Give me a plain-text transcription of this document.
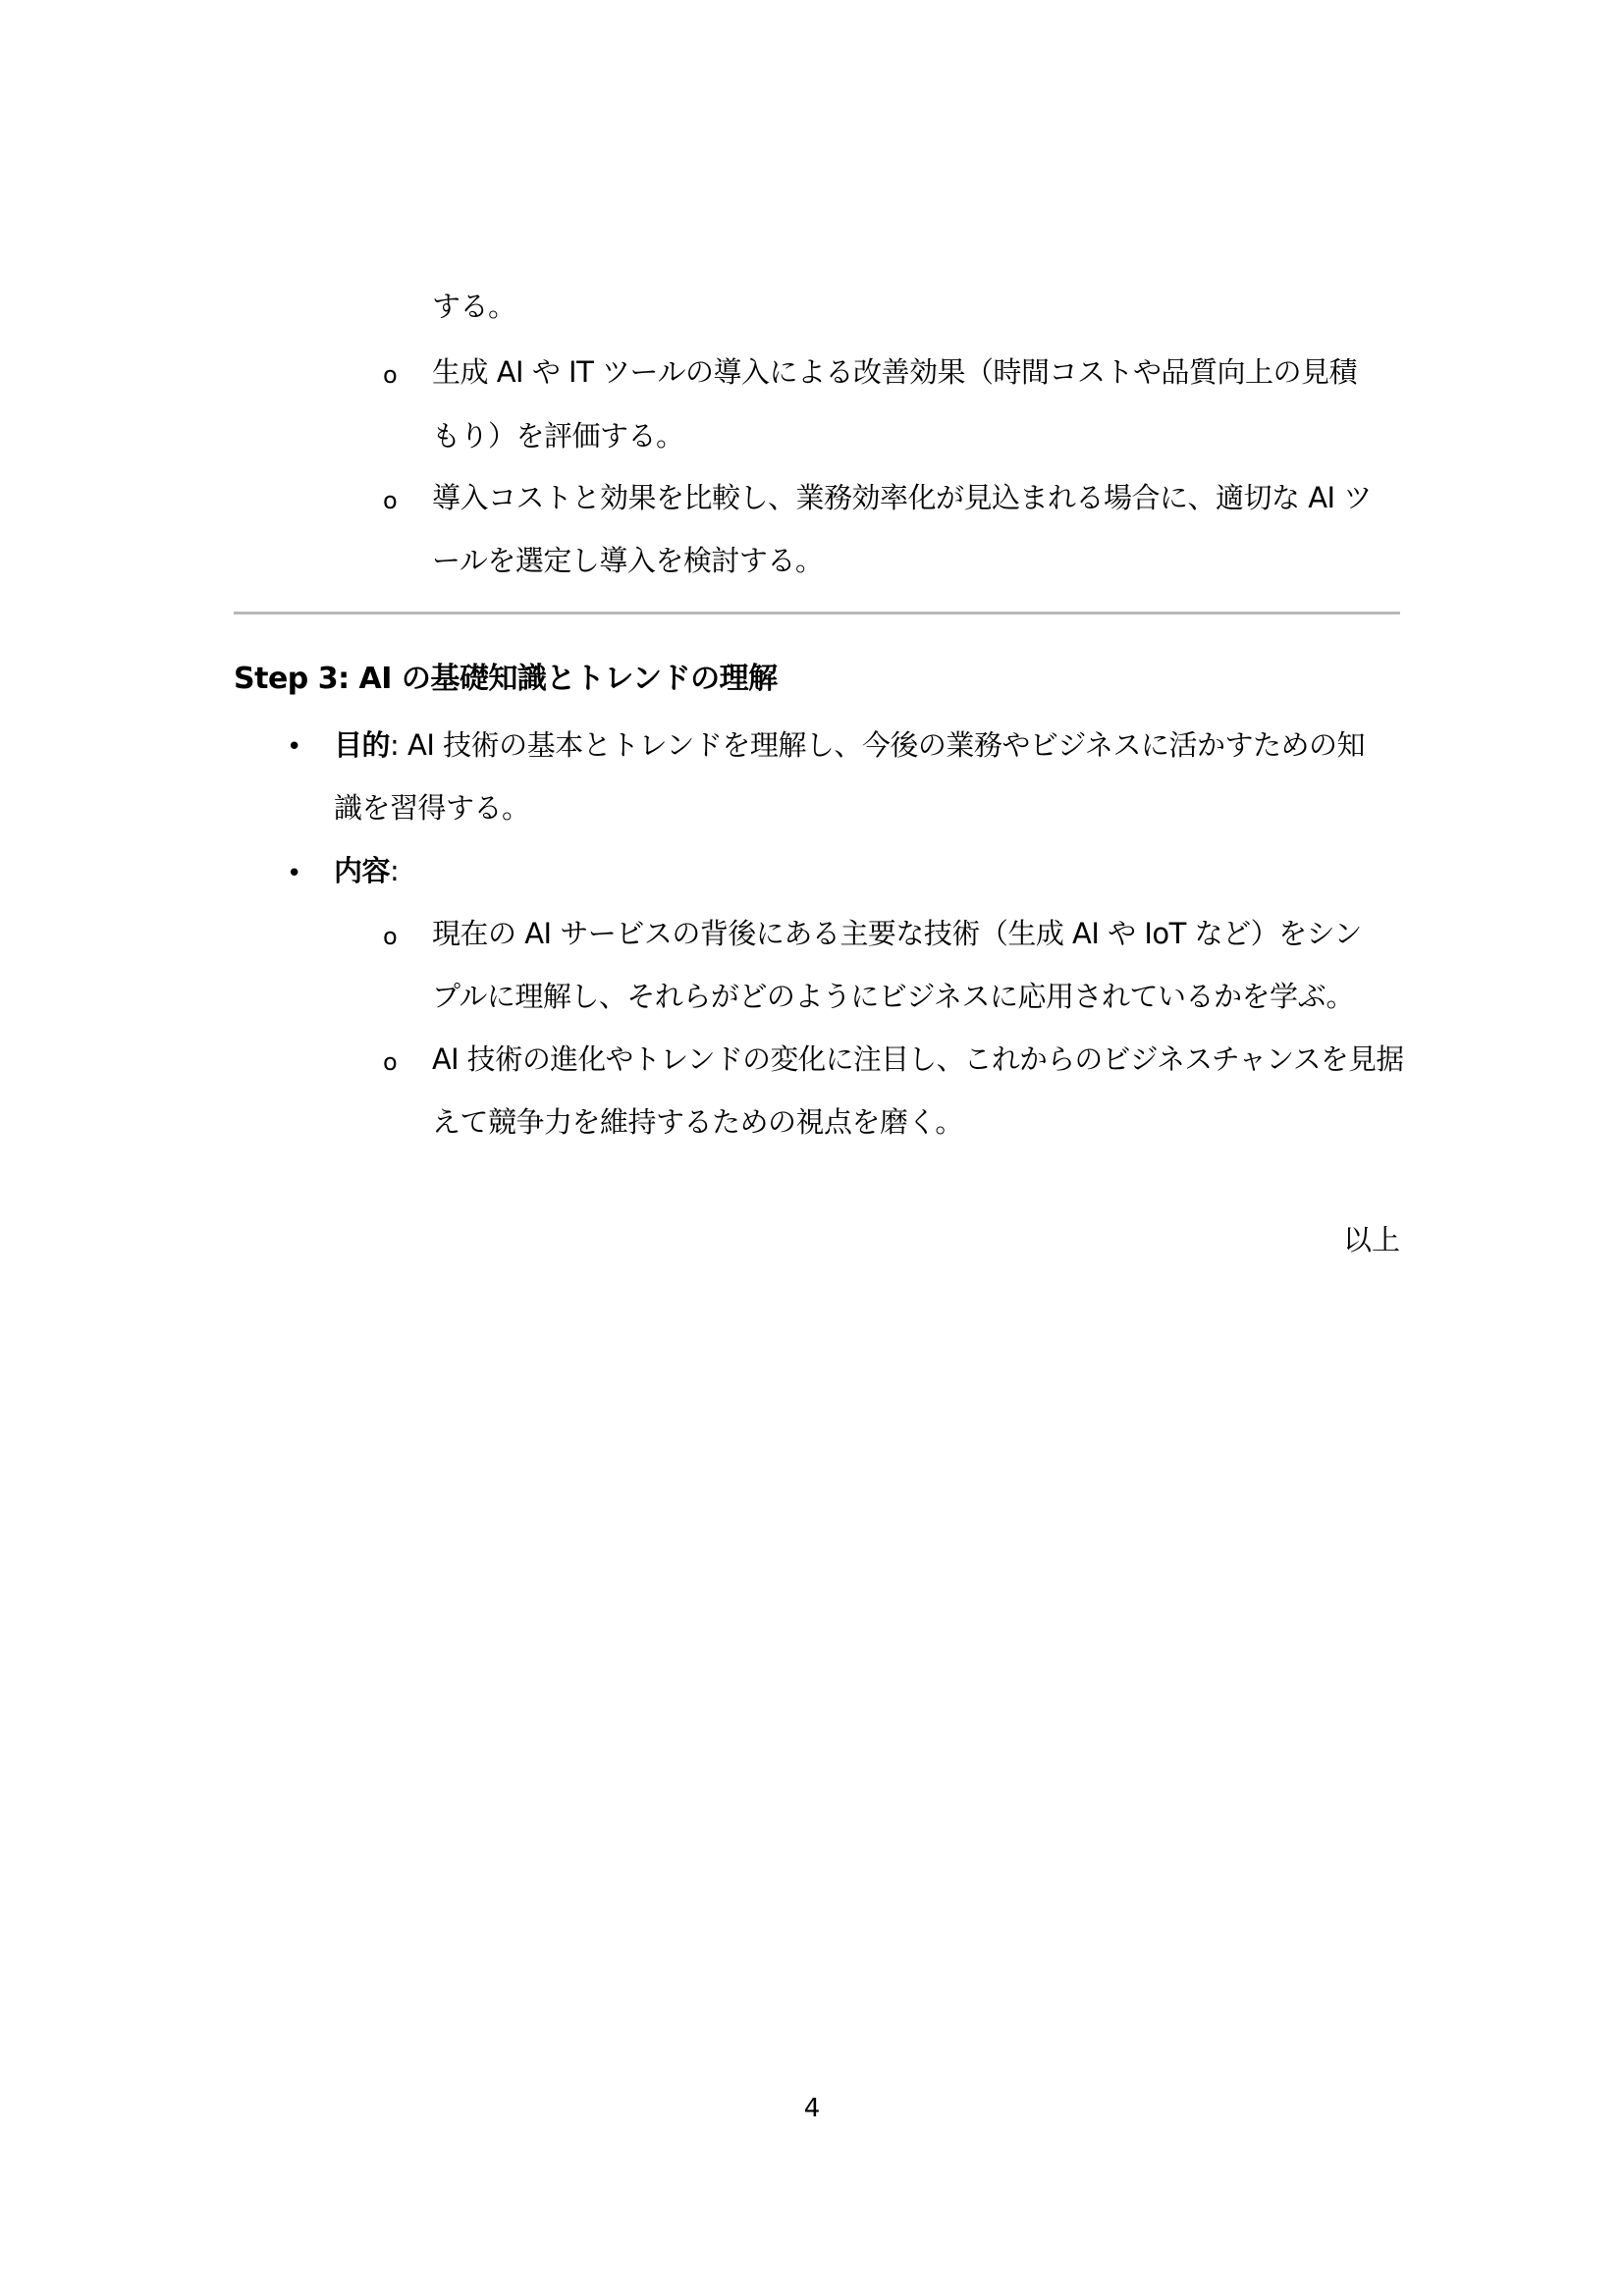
する。
o 生成 AI や IT ツールの導入による改善効果（時間コストや品質向上の見積
もり）を評価する。
o 導入コストと効果を比較し、業務効率化が見込まれる場合に、適切な AI ツ
ールを選定し導入を検討する。
Step 3: AI の基礎知識とトレンドの理解
• 目的: AI 技術の基本とトレンドを理解し、今後の業務やビジネスに活かすための知
識を習得する。
• 内容:
o 現在の AI サービスの背後にある主要な技術（生成 AI や IoT など）をシン
プルに理解し、それらがどのようにビジネスに応用されているかを学ぶ。
o AI 技術の進化やトレンドの変化に注目し、これからのビジネスチャンスを見据
えて競争力を維持するための視点を磨く。
以上
4
